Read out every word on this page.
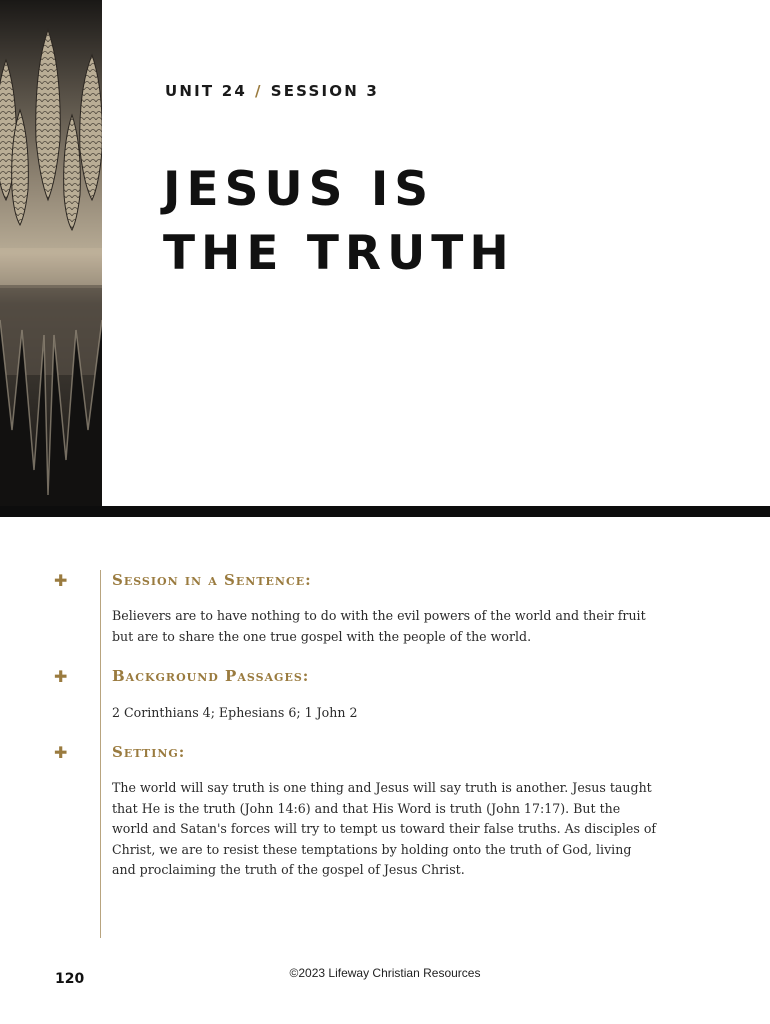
UNIT 24 / SESSION 3

JESUS IS
THE TRUTH
✚	Session in a Sentence:

Believers are to have nothing to do with the evil powers of the world and their fruit but are to share the one true gospel with the people of the world.

✚	Background Passages:

2 Corinthians 4; Ephesians 6; 1 John 2

✚	Setting:

The world will say truth is one thing and Jesus will say truth is another. Jesus taught that He is the truth (John 14:6) and that His Word is truth (John 17:17). But the world and Satan's forces will try to tempt us toward their false truths. As disciples of Christ, we are to resist these temptations by holding onto the truth of God, living and proclaiming the truth of the gospel of Jesus Christ.

120	©2023 Lifeway Christian Resources
